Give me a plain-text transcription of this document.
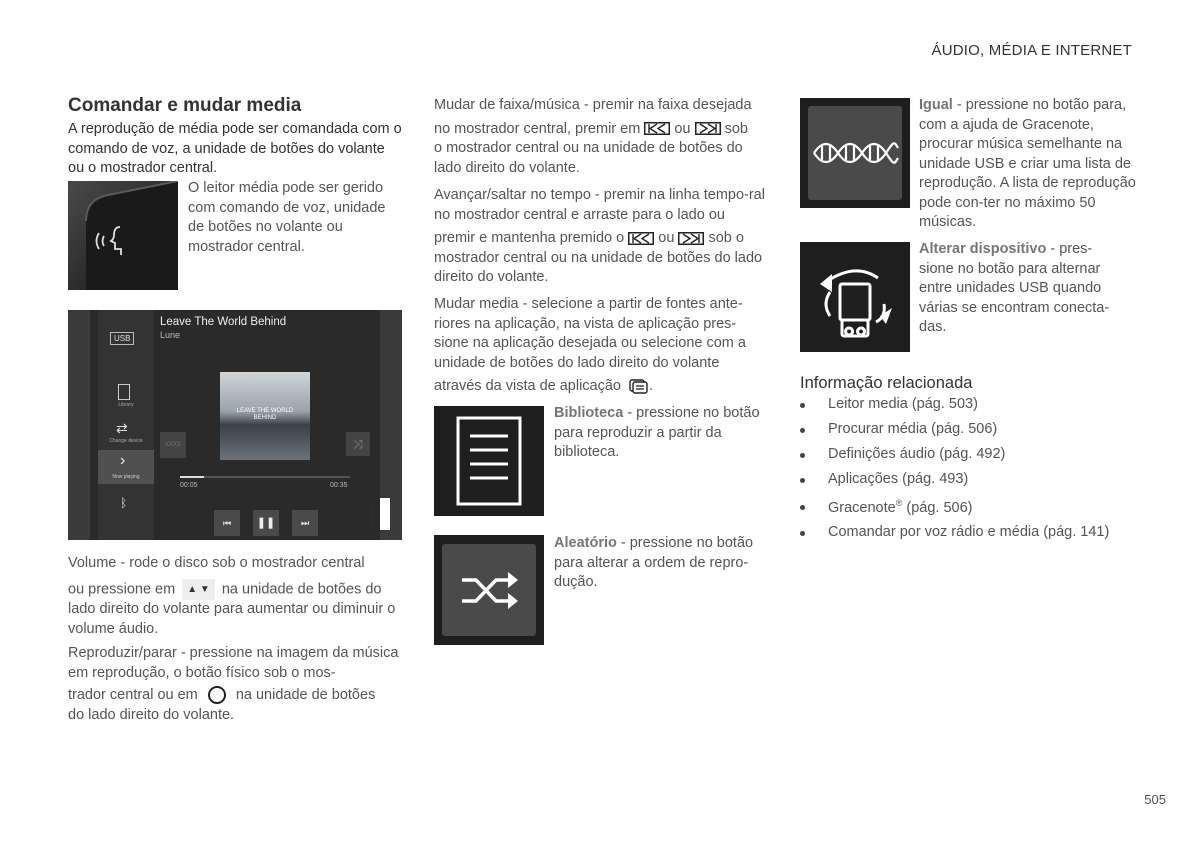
ÁUDIO, MÉDIA E INTERNET
Comandar e mudar media
A reprodução de média pode ser comandada com o comando de voz, a unidade de botões do volante ou o mostrador central.
O leitor média pode ser gerido com comando de voz, unidade de botões no volante ou mostrador central.
USB
Library
⇄
Change device
›
Now playing
ᛒ
Leave The World Behind
Lune
LEAVE THE WORLD BEHIND
XXXX	⤨
00:05	00:35
⏮	❚❚	⏭

Volume - rode o disco sob o mostrador central

ou pressione em ▲ ▼ na unidade de botões do

lado direito do volante para aumentar ou diminuir o volume áudio.

Reproduzir/parar - pressione na imagem da música em reprodução, o botão físico sob o mos-

trador central ou em	na unidade de botões

do lado direito do volante.

Mudar de faixa/música - premir na faixa desejada

no mostrador central, premir em ou sob

o mostrador central ou na unidade de botões do lado direito do volante.

Avançar/saltar no tempo - premir na linha tempo-ral no mostrador central e arraste para o lado ou

premir e mantenha premido o ou sob o

mostrador central ou na unidade de botões do lado direito do volante.

Mudar media - selecione a partir de fontes ante-riores na aplicação, na vista de aplicação pres-sione na aplicação desejada ou selecione com a unidade de botões do lado direito do volante

através da vista de aplicação .

Biblioteca - pressione no botão para reproduzir a partir da biblioteca.
Aleatório - pressione no botão para alterar a ordem de repro-dução.
Igual - pressione no botão para, com a ajuda de Gracenote, procurar música semelhante na unidade USB e criar uma lista de reprodução. A lista de reprodução pode con-ter no máximo 50 músicas.
Alterar dispositivo - pres-sione no botão para alternar entre unidades USB quando várias se encontram conecta-das.
Informação relacionada
Leitor media (pág. 503)
Procurar média (pág. 506)
Definições áudio (pág. 492)
Aplicações (pág. 493)
Gracenote® (pág. 506)
Comandar por voz rádio e média (pág. 141)
505
